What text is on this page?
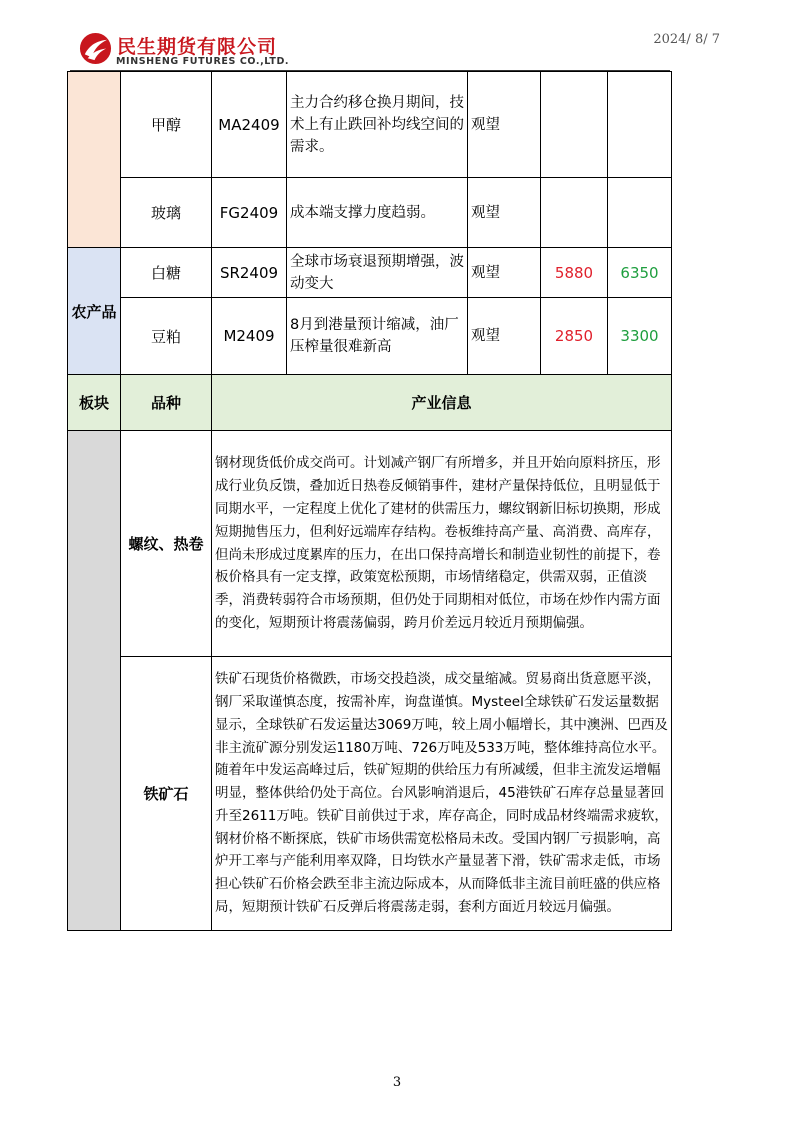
民生期货有限公司
MINSHENG FUTURES CO.,LTD.
2024/ 8/ 7
	甲醇	MA2409	主力合约移仓换月期间，技术上有止跌回补均线空间的需求。	观望		
	玻璃	FG2409	成本端支撑力度趋弱。	观望		
农产品	白糖	SR2409	全球市场衰退预期增强，波动变大	观望	5880	6350
	豆粕	M2409	8月到港量预计缩减，油厂压榨量很难新高	观望	2850	3300
板块	品种	产业信息				
	螺纹、热卷	钢材现货低价成交尚可。计划减产钢厂有所增多，并且开始向原料挤压，形成行业负反馈，叠加近日热卷反倾销事件，建材产量保持低位，且明显低于同期水平，一定程度上优化了建材的供需压力，螺纹钢新旧标切换期，形成短期抛售压力，但利好远端库存结构。卷板维持高产量、高消费、高库存，但尚未形成过度累库的压力，在出口保持高增长和制造业韧性的前提下，卷板价格具有一定支撑，政策宽松预期，市场情绪稳定，供需双弱，正值淡季，消费转弱符合市场预期，但仍处于同期相对低位，市场在炒作内需方面的变化，短期预计将震荡偏弱，跨月价差远月较近月预期偏强。				
	铁矿石	铁矿石现货价格微跌，市场交投趋淡，成交量缩减。贸易商出货意愿平淡，钢厂采取谨慎态度，按需补库，询盘谨慎。Mysteel全球铁矿石发运量数据显示，全球铁矿石发运量达3069万吨，较上周小幅增长，其中澳洲、巴西及非主流矿源分别发运1180万吨、726万吨及533万吨，整体维持高位水平。随着年中发运高峰过后，铁矿短期的供给压力有所减缓，但非主流发运增幅明显，整体供给仍处于高位。台风影响消退后，45港铁矿石库存总量显著回升至2611万吨。铁矿目前供过于求，库存高企，同时成品材终端需求疲软，钢材价格不断探底，铁矿市场供需宽松格局未改。受国内钢厂亏损影响，高炉开工率与产能利用率双降，日均铁水产量显著下滑，铁矿需求走低，市场担心铁矿石价格会跌至非主流边际成本，从而降低非主流目前旺盛的供应格局，短期预计铁矿石反弹后将震荡走弱，套利方面近月较远月偏强。				
3
